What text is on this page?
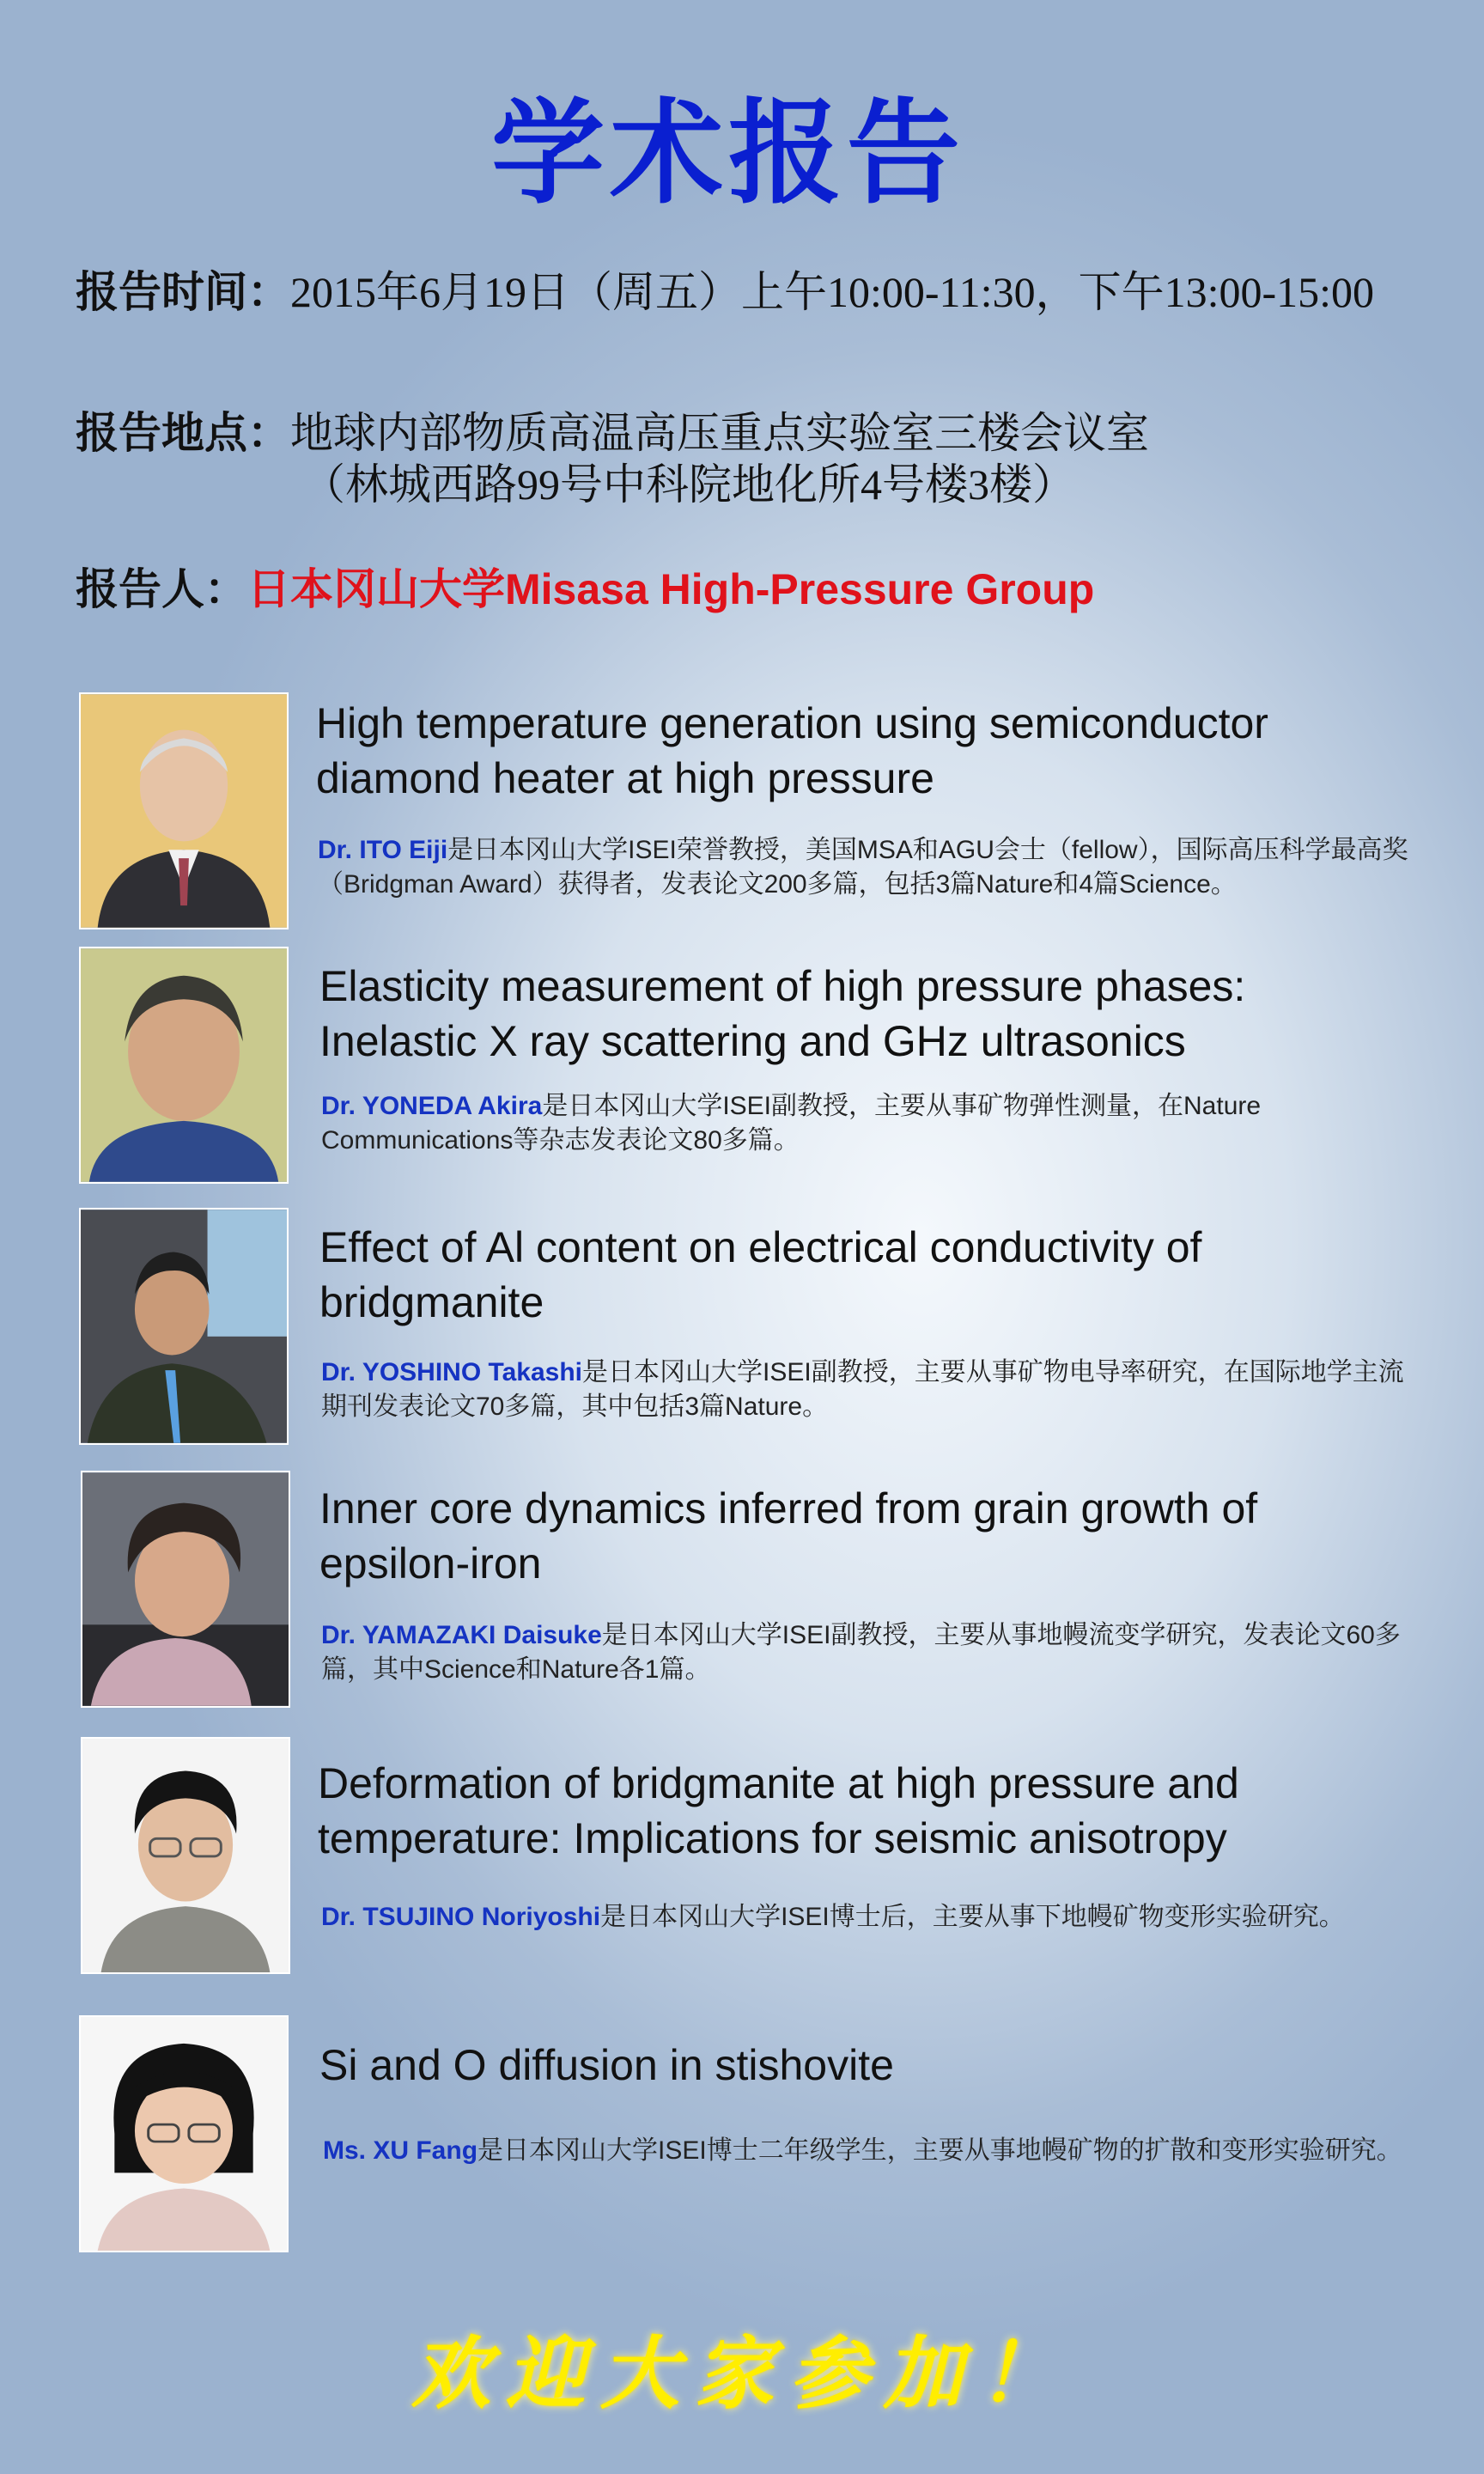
学术报告
报告时间：2015年6月19日（周五）上午10:00-11:30，下午13:00-15:00
报告地点：地球内部物质高温高压重点实验室三楼会议室
（林城西路99号中科院地化所4号楼3楼）
报告人：日本冈山大学Misasa High-Pressure Group
High temperature generation using semiconductor
diamond heater at high pressure
Dr. ITO Eiji是日本冈山大学ISEI荣誉教授，美国MSA和AGU会士（fellow），国际高压科学最高奖（Bridgman Award）获得者，发表论文200多篇，包括3篇Nature和4篇Science。
Elasticity measurement of high pressure phases:
Inelastic X ray scattering and GHz ultrasonics
Dr. YONEDA Akira是日本冈山大学ISEI副教授，主要从事矿物弹性测量，在Nature Communications等杂志发表论文80多篇。
Effect of Al content on electrical conductivity of
bridgmanite
Dr. YOSHINO Takashi是日本冈山大学ISEI副教授，主要从事矿物电导率研究，在国际地学主流期刊发表论文70多篇，其中包括3篇Nature。
Inner core dynamics inferred from grain growth of
epsilon-iron
Dr. YAMAZAKI Daisuke是日本冈山大学ISEI副教授，主要从事地幔流变学研究，发表论文60多篇，其中Science和Nature各1篇。
Deformation of bridgmanite at high pressure and
temperature: Implications for seismic anisotropy
Dr. TSUJINO Noriyoshi是日本冈山大学ISEI博士后，主要从事下地幔矿物变形实验研究。
Si and O diffusion in stishovite
Ms. XU Fang是日本冈山大学ISEI博士二年级学生，主要从事地幔矿物的扩散和变形实验研究。
欢迎大家参加！
